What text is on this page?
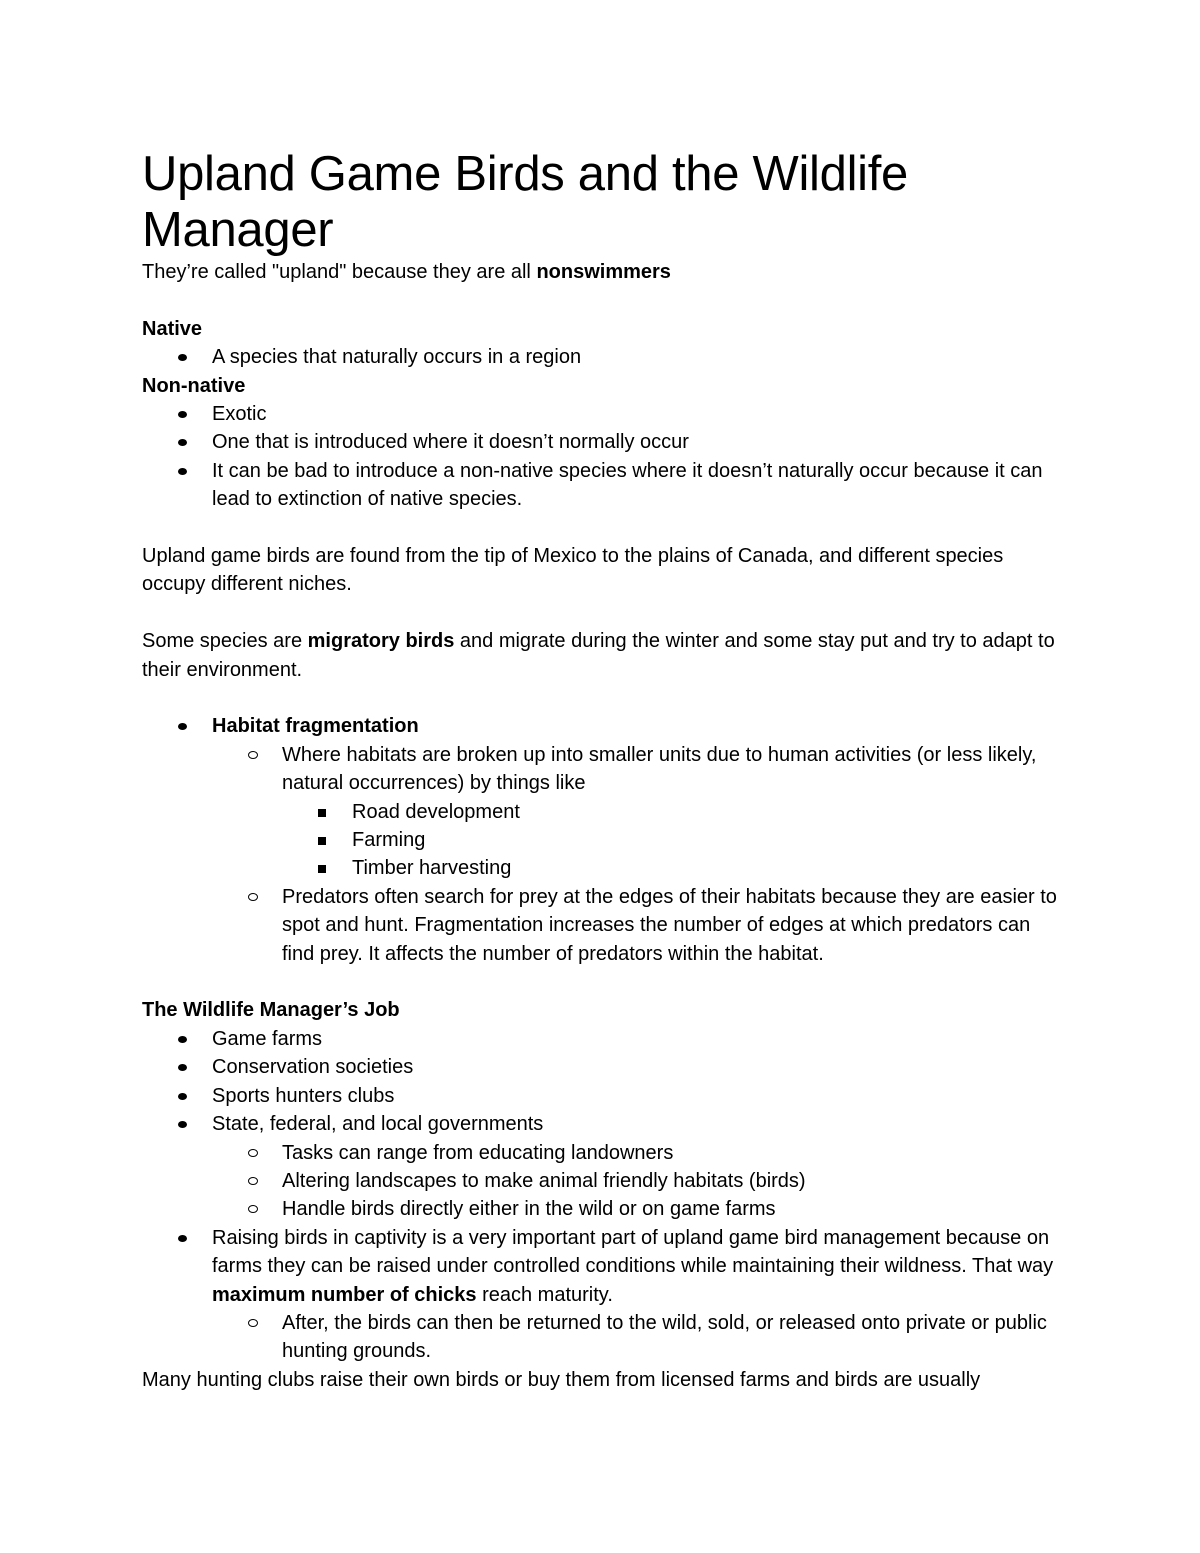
Upland Game Birds and the Wildlife Manager

They’re called "upland" because they are all nonswimmers

Native

A species that naturally occurs in a region

Non-native

Exotic
One that is introduced where it doesn’t normally occur
It can be bad to introduce a non-native species where it doesn’t naturally occur because it can lead to extinction of native species.

Upland game birds are found from the tip of Mexico to the plains of Canada, and different species occupy different niches.

Some species are migratory birds and migrate during the winter and some stay put and try to adapt to their environment.

Habitat fragmentation
Where habitats are broken up into smaller units due to human activities (or less likely, natural occurrences) by things like
Road development
Farming
Timber harvesting
Predators often search for prey at the edges of their habitats because they are easier to spot and hunt. Fragmentation increases the number of edges at which predators can find prey. It affects the number of predators within the habitat.

The Wildlife Manager’s Job

Game farms
Conservation societies
Sports hunters clubs
State, federal, and local governments
Tasks can range from educating landowners
Altering landscapes to make animal friendly habitats (birds)
Handle birds directly either in the wild or on game farms
Raising birds in captivity is a very important part of upland game bird management because on farms they can be raised under controlled conditions while maintaining their wildness. That way maximum number of chicks reach maturity.
After, the birds can then be returned to the wild, sold, or released onto private or public hunting grounds.

Many hunting clubs raise their own birds or buy them from licensed farms and birds are usually
